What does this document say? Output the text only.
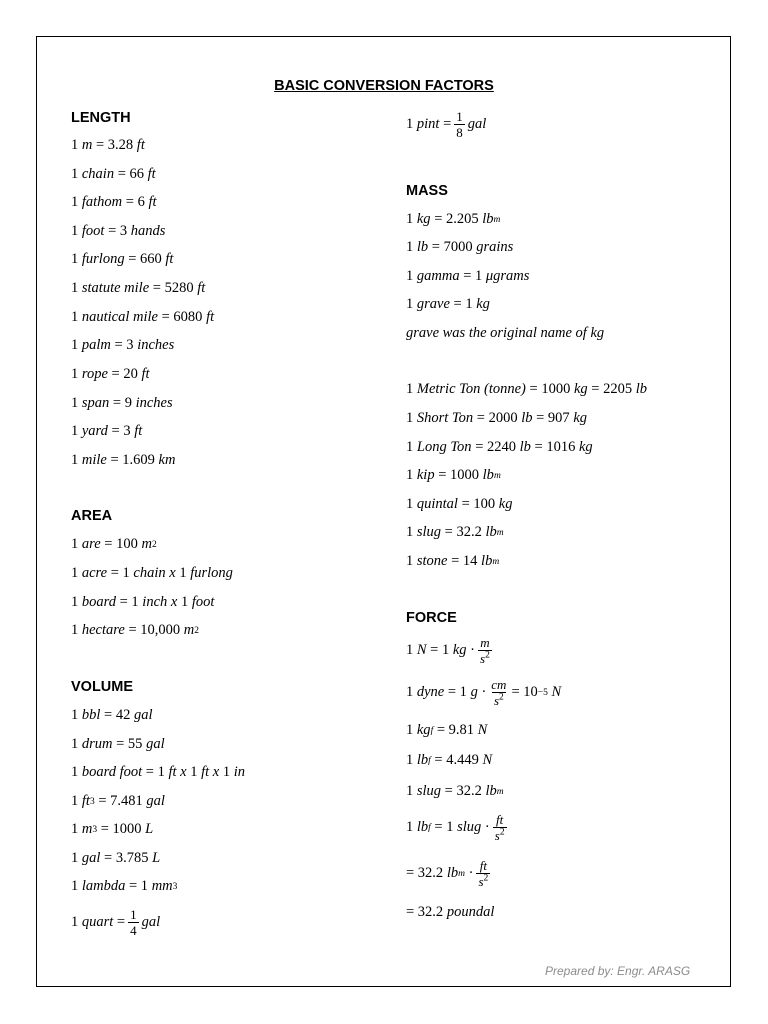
BASIC CONVERSION FACTORS
LENGTH
1
m = 3.28 ft
1
chain = 66 ft
1
fathom = 6 ft
1
foot = 3 hands
1
furlong = 660 ft
1
statute mile = 5280 ft
1
nautical mile = 6080 ft
1
palm = 3 inches
1
rope = 20 ft
1
span = 9 inches
1
yard = 3 ft
1
mile = 1.609 km
AREA
1
are = 100 m 2
1
acre = 1 chain x 1 furlong
1
board = 1 inch x 1 foot
1
hectare = 10,000 m 2
VOLUME
1
bbl = 42 gal
1
drum = 55 gal
1
board foot = 1 ft x 1 ft x 1 in
1
ft 3 = 7.481 gal
1
m 3 = 1000 L
1
gal = 3.785 L
1
lambda = 1 mm 3
1
quart = $\frac{1}{4}$ gal
1
pint = $\frac{1}{8}$ gal
MASS
1
kg = 2.205 lb m
1
lb = 7000 grains
1
gamma = 1 μgrams
1
grave = 1 kg
grave was the original name of kg
1
Metric Ton (tonne) = 1000 kg = 2205 lb
1
Short Ton = 2000 lb = 907 kg
1
Long Ton = 2240 lb = 1016 kg
1
kip = 1000 lb m
1
quintal = 100 kg
1
slug = 32.2 lb m
1
stone = 14 lb m
FORCE
1
N = 1 kg · $\frac{m}{s^2}$
1
dyne = 1 $g \cdot \frac{cm}{s^2} = 10 -5$
N
1
kg f = 9.81 N
1
lb f = 4.449 N
1
slug = 32.2 lb m
1
lb f = 1 slug · $\frac{ft}{s^2}$
= 32.2 lb $m \cdot \frac{ft}{s^2}$
= 32.2 poundal
Prepared by: Engr. ARASG
